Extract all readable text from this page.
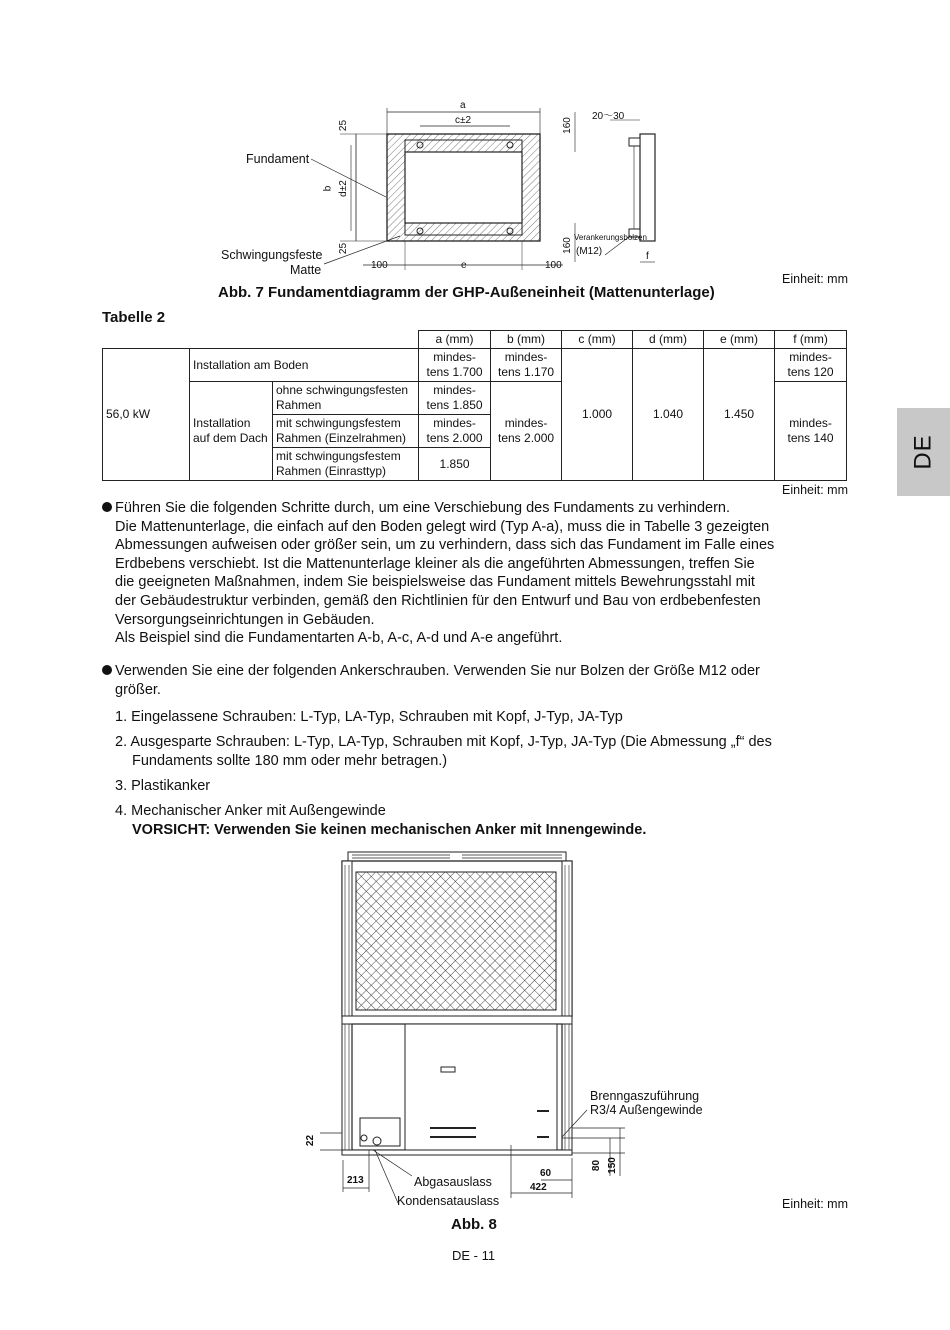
DE
Fundament
Schwingungsfeste
Matte
a
c±2
b d±2
25
25
160
160
100	e	100
20～30
Verankerungsbolzen
(M12)	f
Abb. 7 Fundamentdiagramm der GHP-Außeneinheit (Mattenunterlage)
Einheit: mm
Tabelle 2
			a (mm)	b (mm)	c (mm)	d (mm)	e (mm)	f (mm)
56,0 kW	Installation am Boden		mindes-tens 1.700	mindes-tens 1.170	1.000	1.040	1.450	mindes-tens 120
	Installation auf dem Dach	ohne schwingungsfesten Rahmen	mindes-tens 1.850	mindes-tens 2.000				mindes-tens 140
		mit schwingungsfestem Rahmen (Einzelrahmen)	mindes-tens 2.000					
		mit schwingungsfestem Rahmen (Einrasttyp)	1.850					
Einheit: mm
Führen Sie die folgenden Schritte durch, um eine Verschiebung des Fundaments zu verhindern.
Die Mattenunterlage, die einfach auf den Boden gelegt wird (Typ A-a), muss die in Tabelle 3 gezeigten
Abmessungen aufweisen oder größer sein, um zu verhindern, dass sich das Fundament im Falle eines
Erdbebens verschiebt. Ist die Mattenunterlage kleiner als die angeführten Abmessungen, treffen Sie
die geeigneten Maßnahmen, indem Sie beispielsweise das Fundament mittels Bewehrungsstahl mit
der Gebäudestruktur verbinden, gemäß den Richtlinien für den Entwurf und Bau von erdbebenfesten
Versorgungseinrichtungen in Gebäuden.
Als Beispiel sind die Fundamentarten A-b, A-c, A-d und A-e angeführt.
Verwenden Sie eine der folgenden Ankerschrauben. Verwenden Sie nur Bolzen der Größe M12 oder
größer.
1. Eingelassene Schrauben: L-Typ, LA-Typ, Schrauben mit Kopf, J-Typ, JA-Typ
2. Ausgesparte Schrauben: L-Typ, LA-Typ, Schrauben mit Kopf, J-Typ, JA-Typ (Die Abmessung „f“ des
Fundaments sollte 180 mm oder mehr betragen.)
3. Plastikanker
4. Mechanischer Anker mit Außengewinde
VORSICHT: Verwenden Sie keinen mechanischen Anker mit Innengewinde.
Brenngaszuführung
R3/4 Außengewinde
Abgasauslass
Kondensatauslass
22
213
60
422
80 150
Abb. 8
Einheit: mm
DE - 11
